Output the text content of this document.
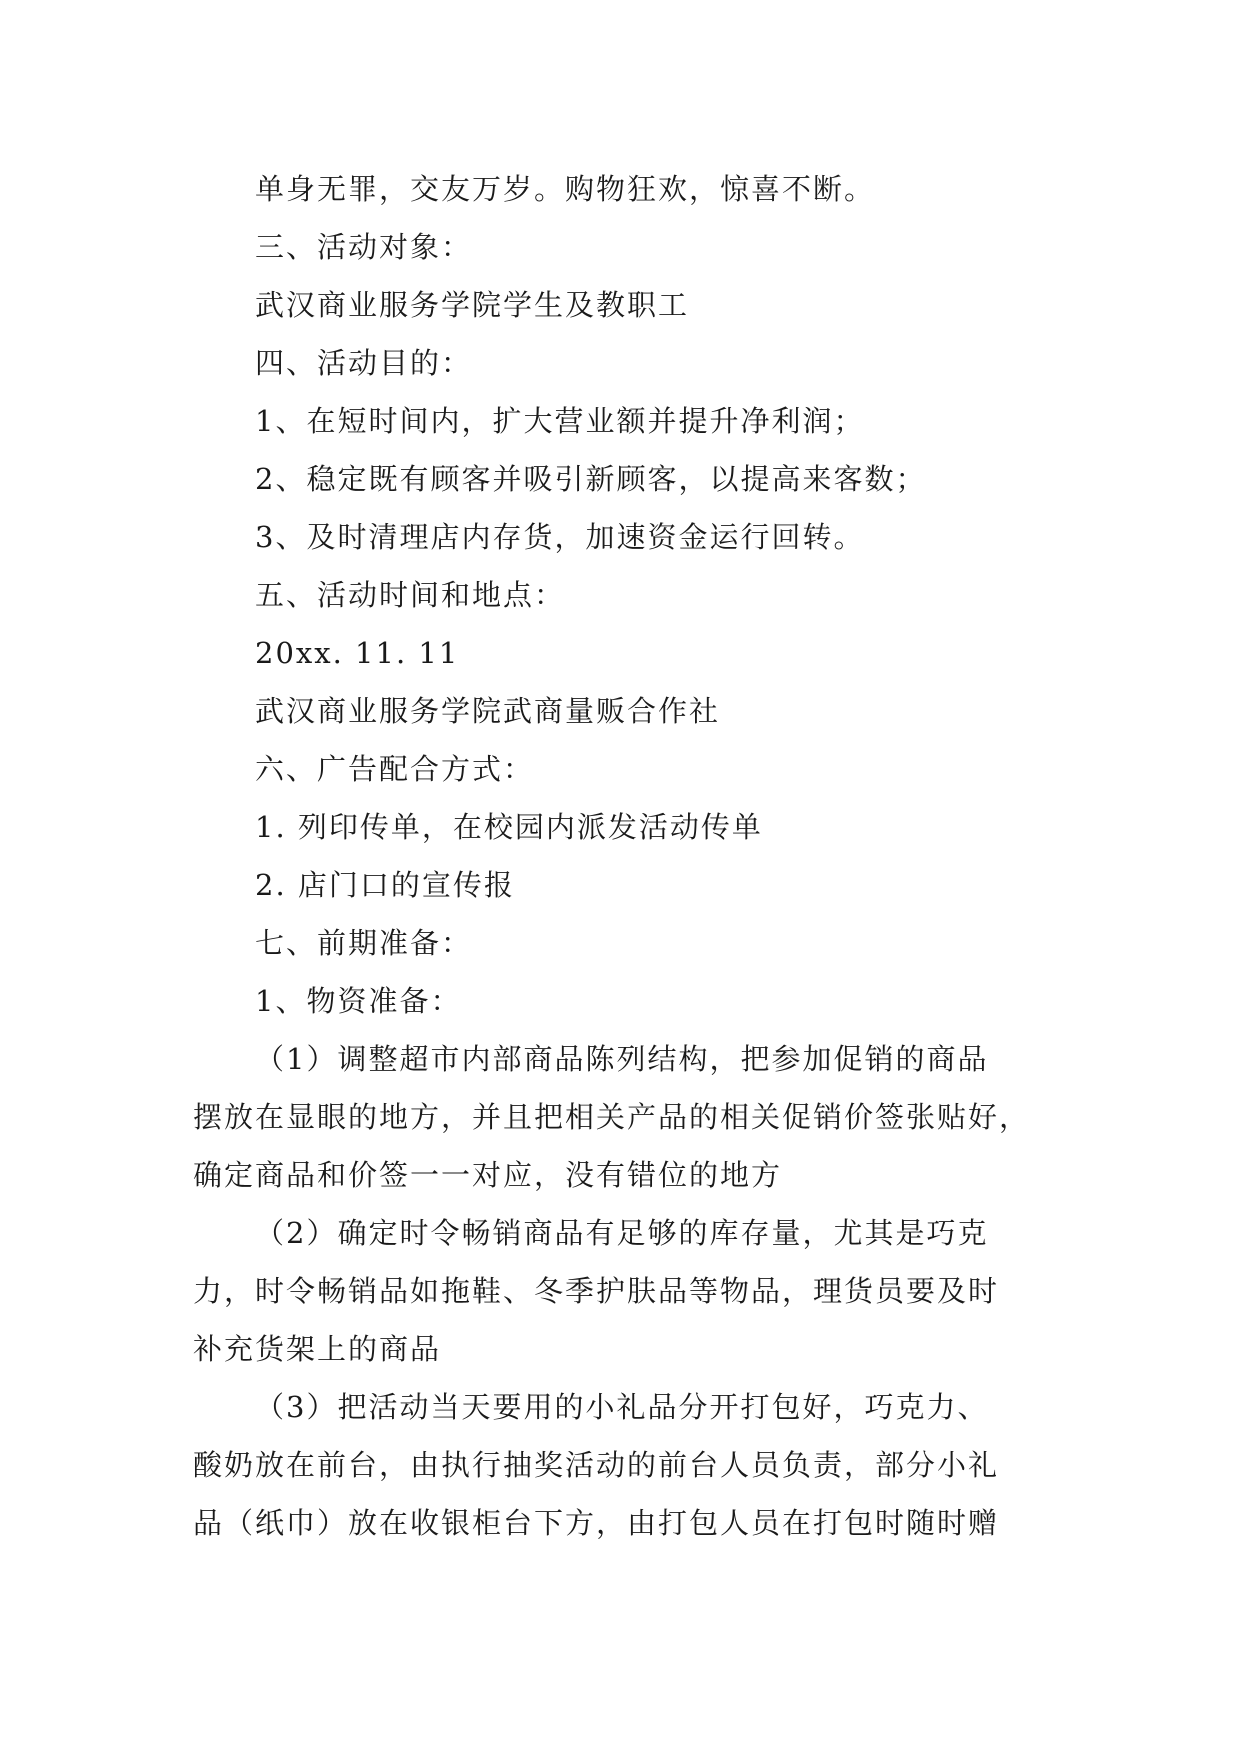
单身无罪，交友万岁。购物狂欢，惊喜不断。
三、活动对象：
武汉商业服务学院学生及教职工
四、活动目的：
1、在短时间内，扩大营业额并提升净利润；
2、稳定既有顾客并吸引新顾客，以提高来客数；
3、及时清理店内存货，加速资金运行回转。
五、活动时间和地点：
20xx. 11. 11
武汉商业服务学院武商量贩合作社
六、广告配合方式：
1. 列印传单，在校园内派发活动传单
2. 店门口的宣传报
七、前期准备：
1、物资准备：
（1）调整超市内部商品陈列结构，把参加促销的商品
摆放在显眼的地方，并且把相关产品的相关促销价签张贴好，
确定商品和价签一一对应，没有错位的地方
（2）确定时令畅销商品有足够的库存量，尤其是巧克
力，时令畅销品如拖鞋、冬季护肤品等物品，理货员要及时
补充货架上的商品
（3）把活动当天要用的小礼品分开打包好，巧克力、
酸奶放在前台，由执行抽奖活动的前台人员负责，部分小礼
品（纸巾）放在收银柜台下方，由打包人员在打包时随时赠
